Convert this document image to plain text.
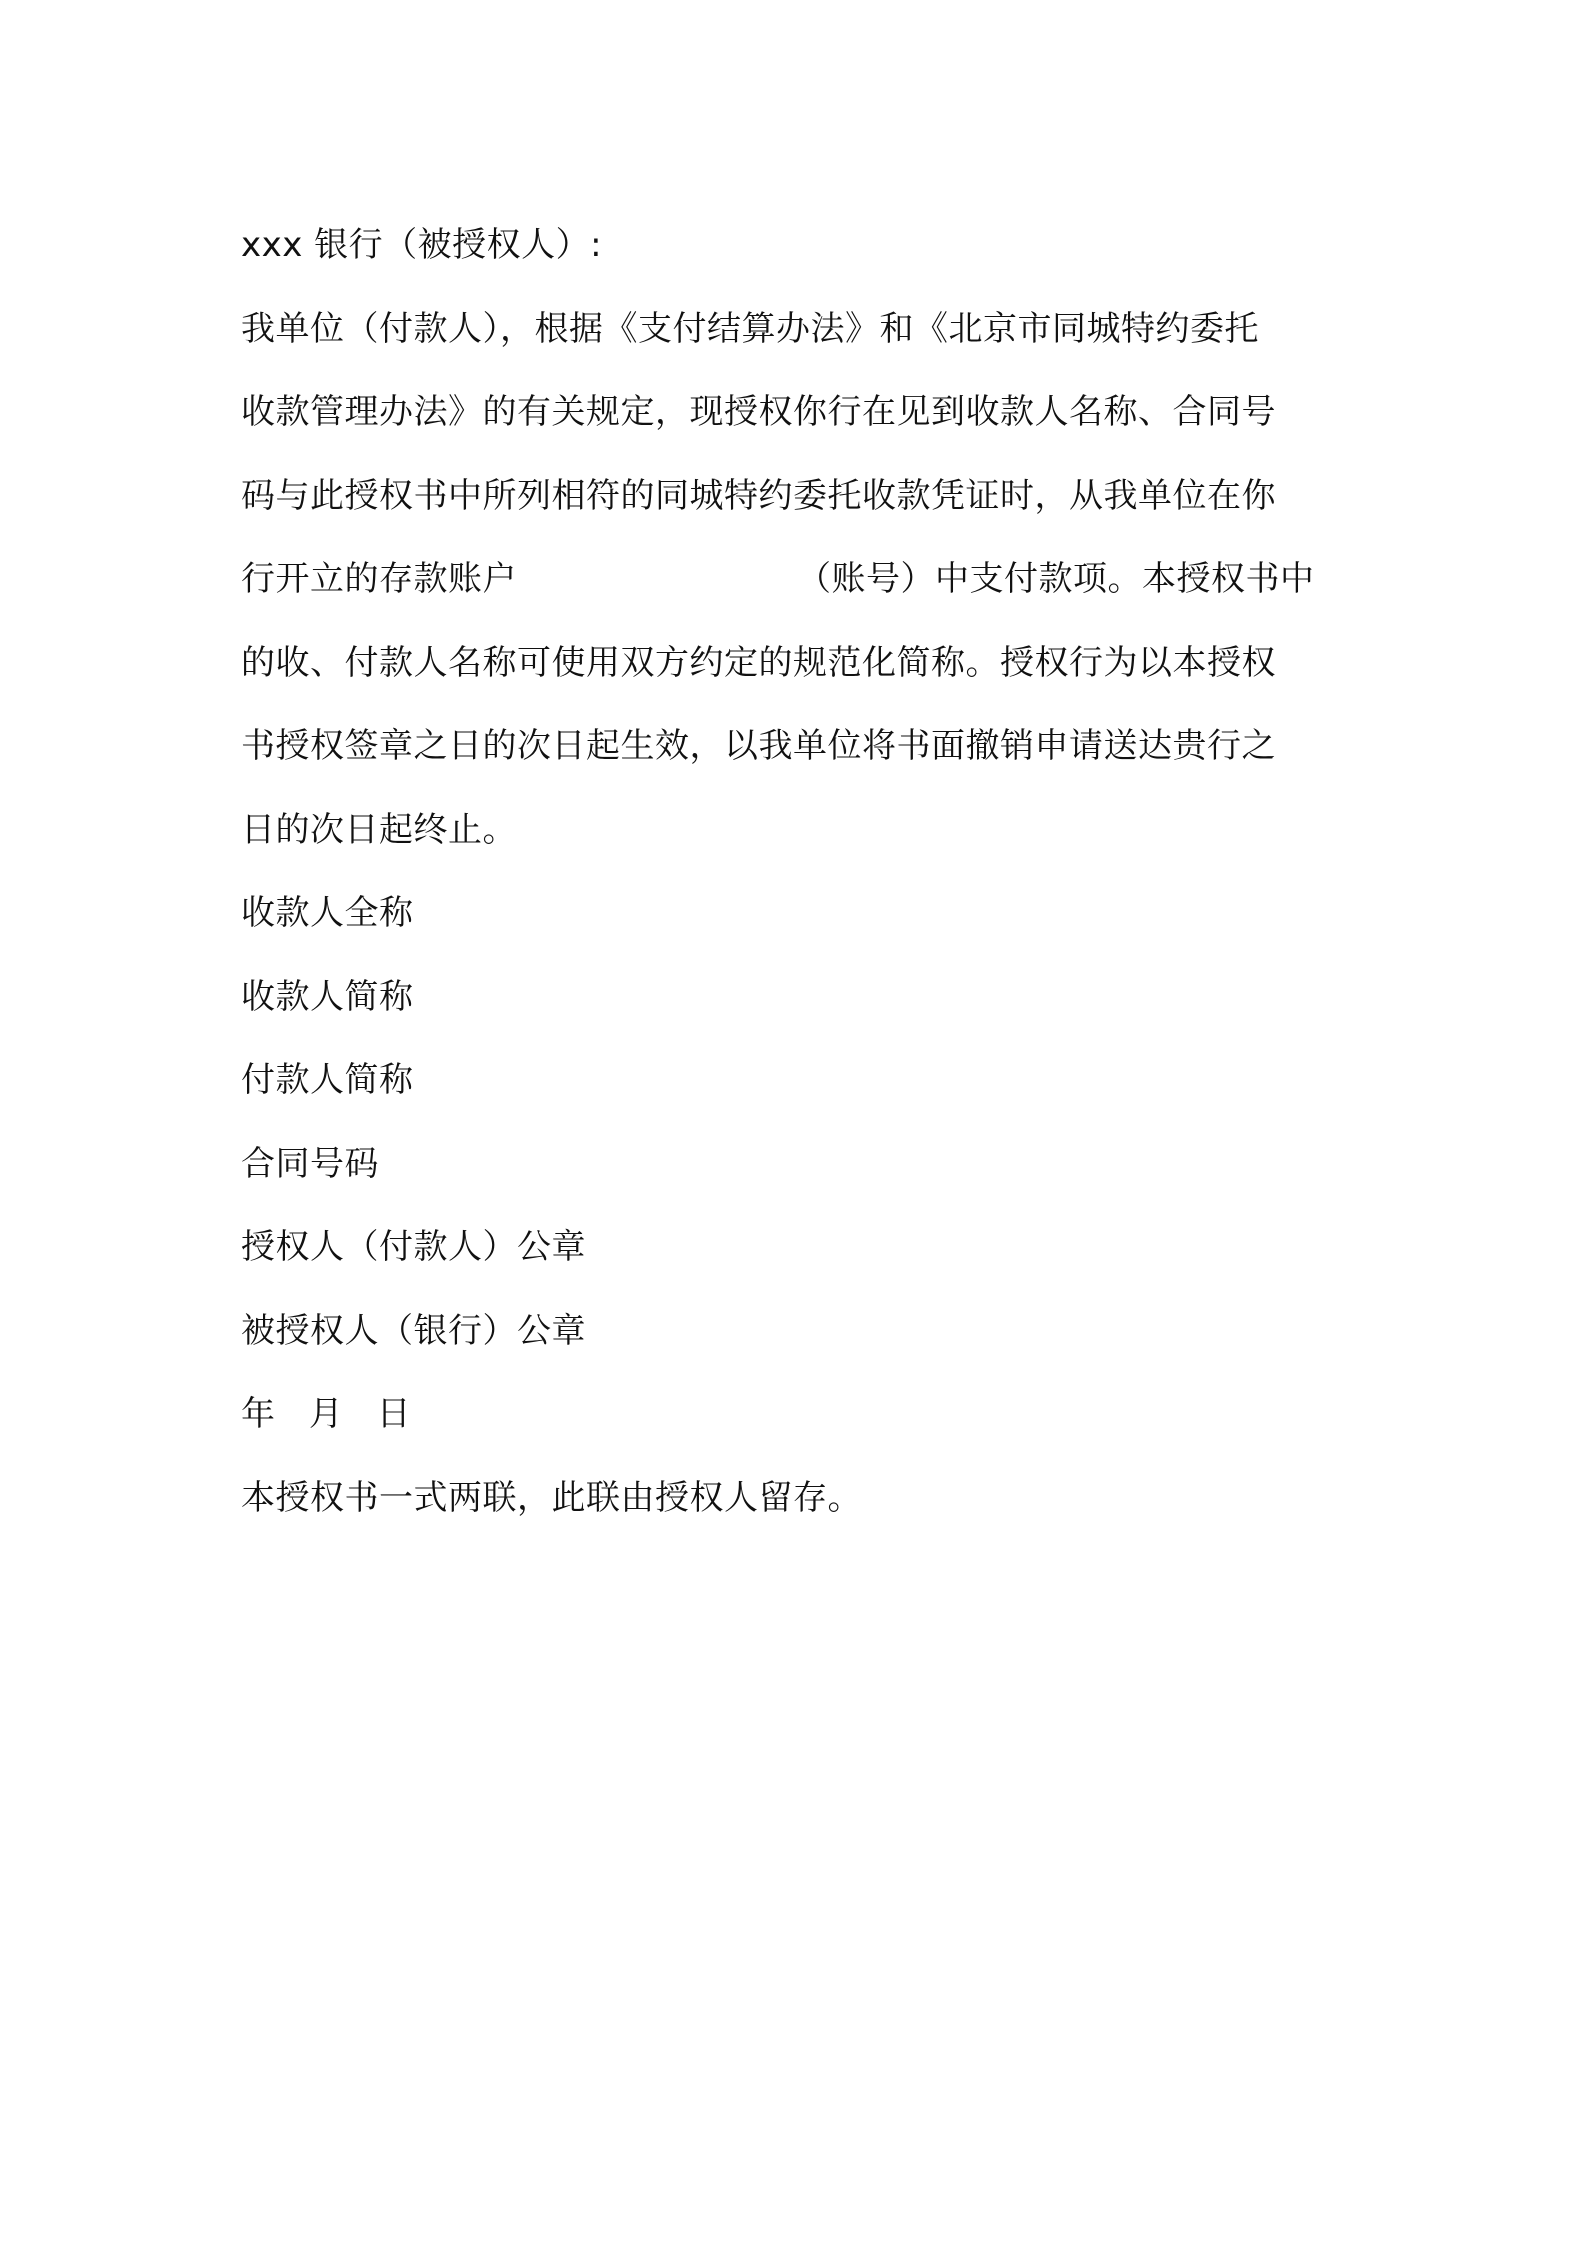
xxx 银行（被授权人）:
我单位（付款人），根据《支付结算办法》和《北京市同城特约委托
收款管理办法》的有关规定，现授权你行在见到收款人名称、合同号
码与此授权书中所列相符的同城特约委托收款凭证时，从我单位在你
行开立的存款账户	（账号）中支付款项。本授权书中
的收、付款人名称可使用双方约定的规范化简称。授权行为以本授权
书授权签章之日的次日起生效，以我单位将书面撤销申请送达贵行之
日的次日起终止。
收款人全称
收款人简称
付款人简称
合同号码
授权人（付款人）公章
被授权人（银行）公章
年 月 日
本授权书一式两联，此联由授权人留存。
